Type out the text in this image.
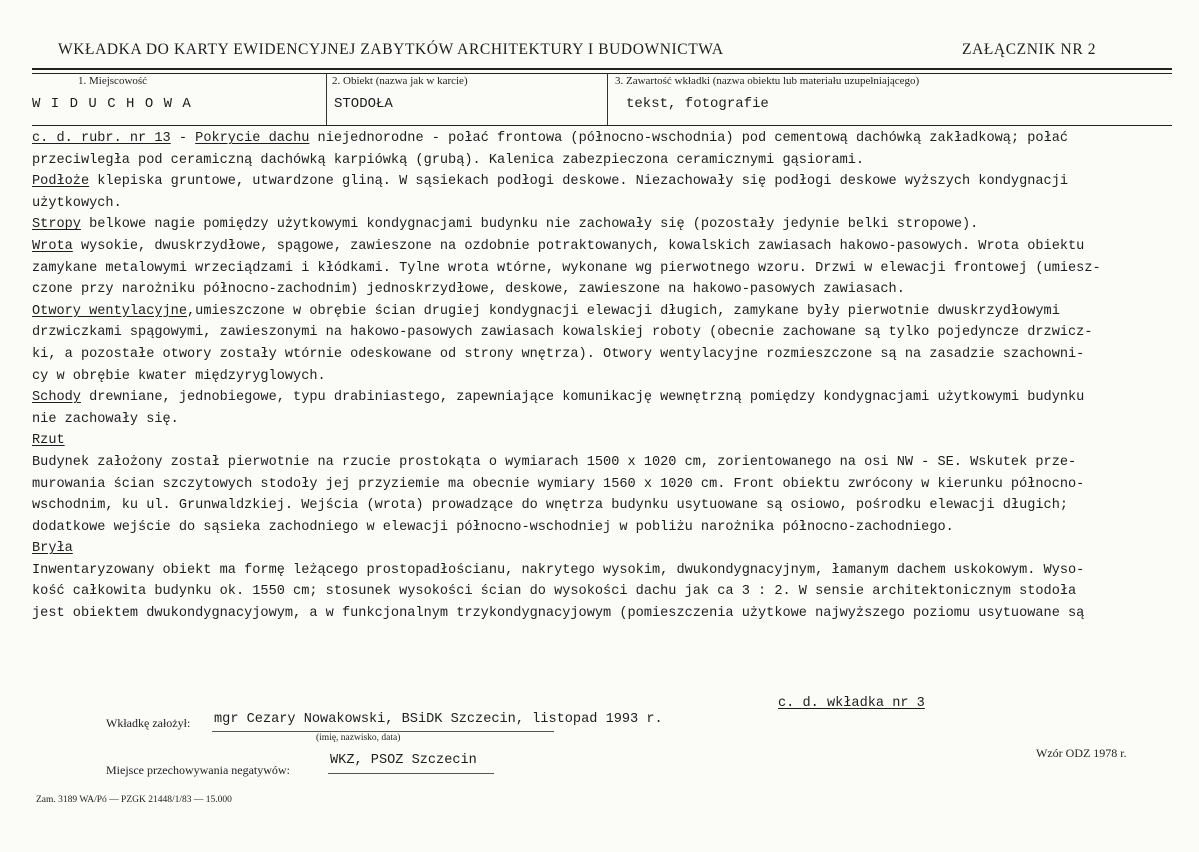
WKŁADKA DO KARTY EWIDENCYJNEJ ZABYTKÓW ARCHITEKTURY I BUDOWNICTWA	ZAŁĄCZNIK NR 2
1. Miejscowość
W I D U C H O W A
2. Obiekt (nazwa jak w karcie)
STODOŁA
3. Zawartość wkładki (nazwa obiektu lub materiału uzupełniającego)
tekst, fotografie

c. d. rubr. nr 13 - Pokrycie dachu niejednorodne - połać frontowa (północno-wschodnia) pod cementową dachówką zakładkową; połać

przeciwległa pod ceramiczną dachówką karpiówką (grubą). Kalenica zabezpieczona ceramicznymi gąsiorami.

Podłoże klepiska gruntowe, utwardzone gliną. W sąsiekach podłogi deskowe. Niezachowały się podłogi deskowe wyższych kondygnacji

użytkowych.

Stropy belkowe nagie pomiędzy użytkowymi kondygnacjami budynku nie zachowały się (pozostały jedynie belki stropowe).

Wrota wysokie, dwuskrzydłowe, spągowe, zawieszone na ozdobnie potraktowanych, kowalskich zawiasach hakowo-pasowych. Wrota obiektu

zamykane metalowymi wrzeciądzami i kłódkami. Tylne wrota wtórne, wykonane wg pierwotnego wzoru. Drzwi w elewacji frontowej (umiesz-

czone przy narożniku północno-zachodnim) jednoskrzydłowe, deskowe, zawieszone na hakowo-pasowych zawiasach.

Otwory wentylacyjne,umieszczone w obrębie ścian drugiej kondygnacji elewacji długich, zamykane były pierwotnie dwuskrzydłowymi

drzwiczkami spągowymi, zawieszonymi na hakowo-pasowych zawiasach kowalskiej roboty (obecnie zachowane są tylko pojedyncze drzwicz-

ki, a pozostałe otwory zostały wtórnie odeskowane od strony wnętrza). Otwory wentylacyjne rozmieszczone są na zasadzie szachowni-

cy w obrębie kwater międzyryglowych.

Schody drewniane, jednobiegowe, typu drabiniastego, zapewniające komunikację wewnętrzną pomiędzy kondygnacjami użytkowymi budynku

nie zachowały się.

Rzut

Budynek założony został pierwotnie na rzucie prostokąta o wymiarach 1500 x 1020 cm, zorientowanego na osi NW - SE. Wskutek prze-

murowania ścian szczytowych stodoły jej przyziemie ma obecnie wymiary 1560 x 1020 cm. Front obiektu zwrócony w kierunku północno-

wschodnim, ku ul. Grunwaldzkiej. Wejścia (wrota) prowadzące do wnętrza budynku usytuowane są osiowo, pośrodku elewacji długich;

dodatkowe wejście do sąsieka zachodniego w elewacji północno-wschodniej w pobliżu narożnika północno-zachodniego.

Bryła

Inwentaryzowany obiekt ma formę leżącego prostopadłościanu, nakrytego wysokim, dwukondygnacyjnym, łamanym dachem uskokowym. Wyso-

kość całkowita budynku ok. 1550 cm; stosunek wysokości ścian do wysokości dachu jak ca 3 : 2. W sensie architektonicznym stodoła

jest obiektem dwukondygnacyjowym, a w funkcjonalnym trzykondygnacyjowym (pomieszczenia użytkowe najwyższego poziomu usytuowane są

c. d. wkładka nr 3
Wkładkę założył: mgr Cezary Nowakowski, BSiDK Szczecin, listopad 1993 r.
(imię, nazwisko, data)
Wzór ODZ 1978 r.
Miejsce przechowywania negatywów:
WKZ, PSOZ Szczecin
Zam. 3189 WA/Pó — PZGK 21448/1/83 — 15.000
